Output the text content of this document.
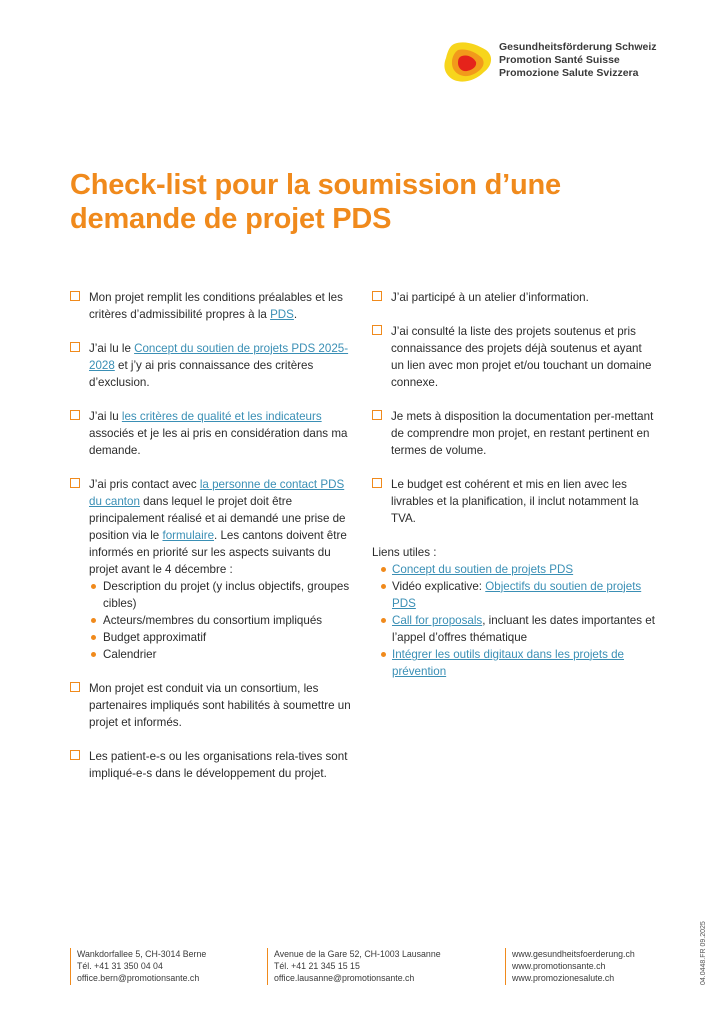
Gesundheitsförderung Schweiz
Promotion Santé Suisse
Promozione Salute Svizzera
Check-list pour la soumission d’une
demande de projet PDS
Mon projet remplit les conditions préalables et les critères d’admissibilité propres à la PDS.
J’ai lu le Concept du soutien de projets PDS 2025-2028 et j’y ai pris connaissance des critères d’exclusion.
J’ai lu les critères de qualité et les indicateurs associés et je les ai pris en considération dans ma demande.
J’ai pris contact avec la personne de contact PDS du canton dans lequel le projet doit être principalement réalisé et ai demandé une prise de position via le formulaire. Les cantons doivent être informés en priorité sur les aspects suivants du projet avant le 4 décembre :
Description du projet (y inclus objectifs, groupes cibles)
Acteurs/membres du consortium impliqués
Budget approximatif
Calendrier
Mon projet est conduit via un consortium, les partenaires impliqués sont habilités à soumettre un projet et informés.
Les patient-e-s ou les organisations rela-tives sont impliqué-e-s dans le développement du projet.
J’ai participé à un atelier d’information.
J’ai consulté la liste des projets soutenus et pris connaissance des projets déjà soutenus et ayant un lien avec mon projet et/ou touchant un domaine connexe.
Je mets à disposition la documentation per-mettant de comprendre mon projet, en restant pertinent en termes de volume.
Le budget est cohérent et mis en lien avec les livrables et la planification, il inclut notamment la TVA.
Liens utiles :
Concept du soutien de projets PDS
Vidéo explicative: Objectifs du soutien de projets PDS
Call for proposals, incluant les dates importantes et l’appel d’offres thématique
Intégrer les outils digitaux dans les projets de prévention
Wankdorfallee 5, CH-3014 Berne
Tél. +41 31 350 04 04
office.bern@promotionsante.ch
Avenue de la Gare 52, CH-1003 Lausanne
Tél. +41 21 345 15 15
office.lausanne@promotionsante.ch
www.gesundheitsfoerderung.ch
www.promotionsante.ch
www.promozionesalute.ch	04.0448.FR 09.2025
